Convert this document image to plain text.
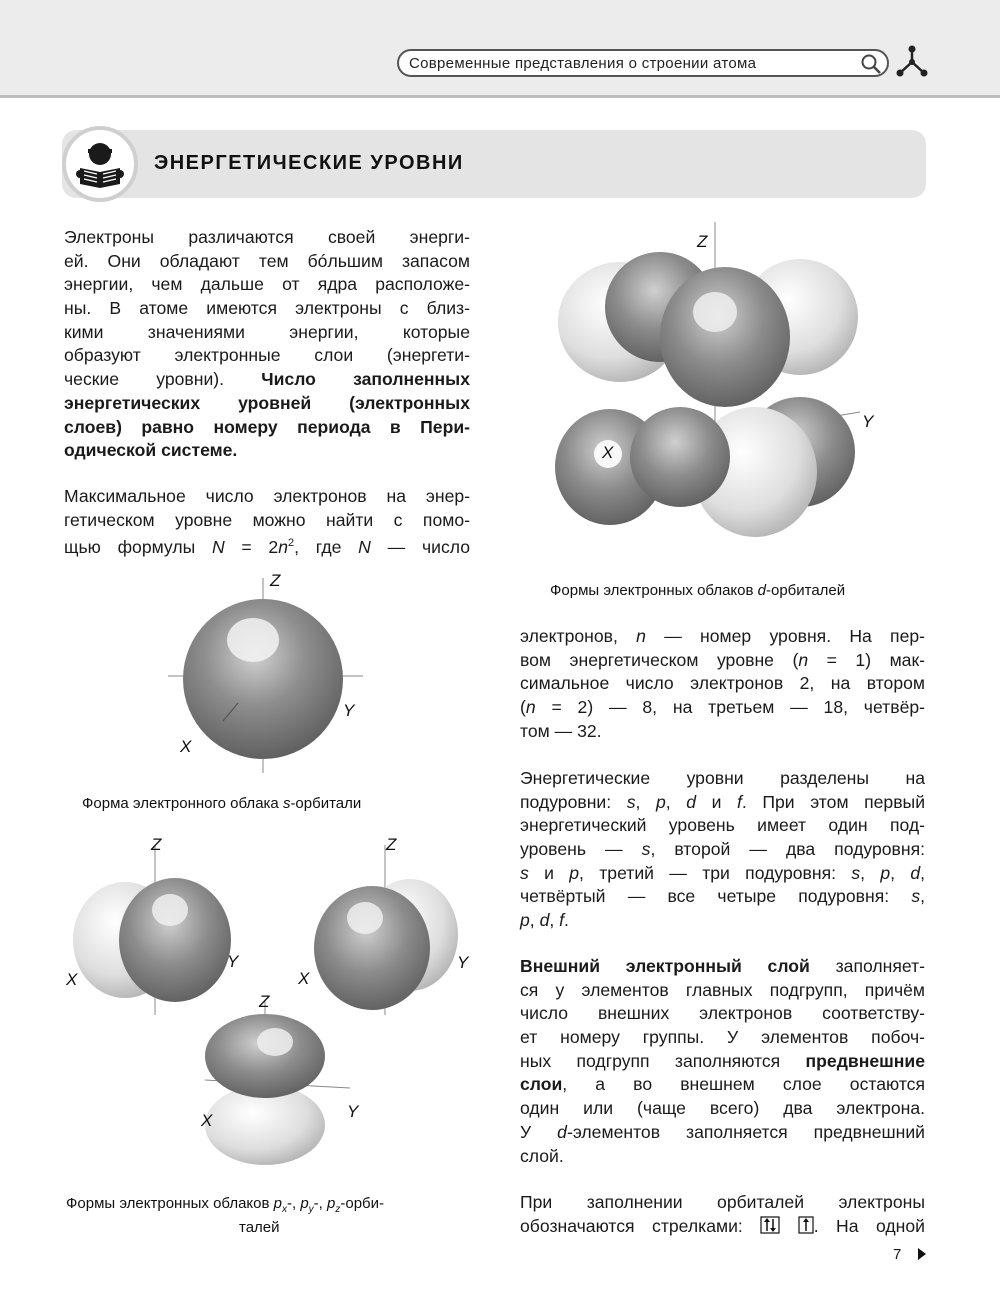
Современные представления о строении атома
ЭНЕРГЕТИЧЕСКИЕ УРОВНИ
Электроны различаются своей энерги-
ей. Они обладают тем бóльшим запасом
энергии, чем дальше от ядра расположе-
ны. В атоме имеются электроны с близ-
кими значениями энергии, которые
образуют электронные слои (энергети-
ческие уровни). Число заполненных
энергетических уровней (электронных
слоев) равно номеру периода в Пери-
одической системе.
Максимальное число электронов на энер-
гетическом уровне можно найти с помо-
щью формулы $N = 2n^2$, где N — число
Z
Y
X
Форма электронного облака s-орбитали
Z
Y
X
Z
Y
X
Z
Y
X
Формы электронных облаков $p_x-$, $p_y-$, $p_z-орби-$
талей
Z
Y
X
Формы электронных облаков d-орбиталей
электронов, n — номер уровня. На пер-
вом энергетическом уровне (n = 1) мак-
симальное число электронов 2, на втором
(n = 2) — 8, на третьем — 18, четвёр-
том — 32.
Энергетические уровни разделены на
подуровни: s, p, d и f. При этом первый
энергетический уровень имеет один под-
уровень — s, второй — два подуровня:
s и p, третий — три подуровня: s, p, d,
четвёртый — все четыре подуровня: s,
p, d, f.
Внешний электронный слой заполняет-
ся у элементов главных подгрупп, причём
число внешних электронов соответству-
ет номеру группы. У элементов побоч-
ных подгрупп заполняются предвнешние
слои, а во внешнем слое остаются
один или (чаще всего) два электрона.
У d-элементов заполняется предвнешний
слой.
При заполнении орбиталей электроны
обозначаются стрелками:	. На одной
7
